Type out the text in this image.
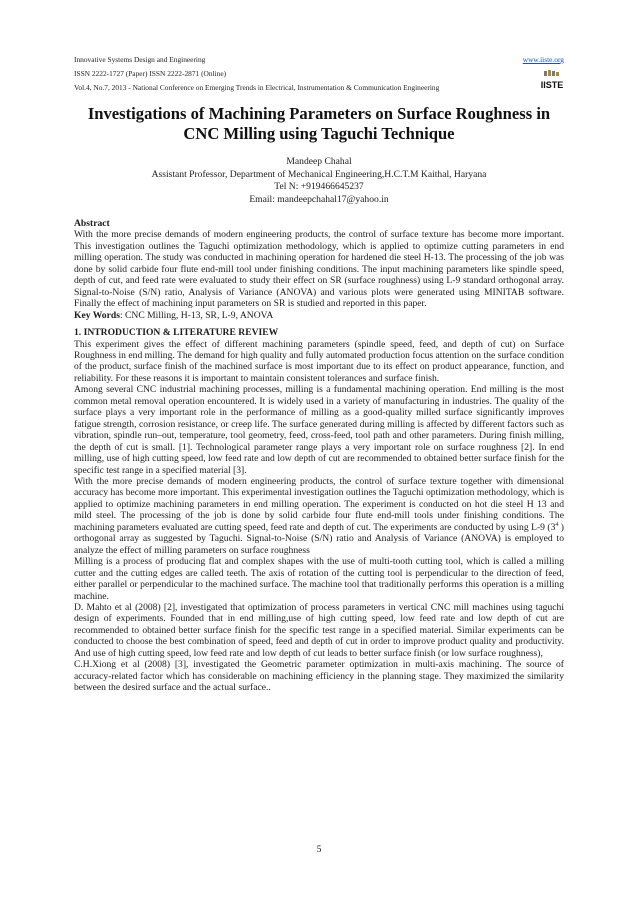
Innovative Systems Design and Engineering	www.iiste.org
ISSN 2222-1727 (Paper) ISSN 2222-2871 (Online)
Vol.4, No.7, 2013 - National Conference on Emerging Trends in Electrical, Instrumentation & Communication Engineering	IISTE
Investigations of Machining Parameters on Surface Roughness in
CNC Milling using Taguchi Technique
Mandeep Chahal
Assistant Professor, Department of Mechanical Engineering,H.C.T.M Kaithal, Haryana
Tel N: +919466645237
Email: mandeepchahal17@yahoo.in

Abstract

With the more precise demands of modern engineering products, the control of surface texture has become more important. This investigation outlines the Taguchi optimization methodology, which is applied to optimize cutting parameters in end milling operation. The study was conducted in machining operation for hardened die steel H-13. The processing of the job was done by solid carbide four flute end-mill tool under finishing conditions. The input machining parameters like spindle speed, depth of cut, and feed rate were evaluated to study their effect on SR (surface roughness) using L-9 standard orthogonal array. Signal-to-Noise (S/N) ratio, Analysis of Variance (ANOVA) and various plots were generated using MINITAB software. Finally the effect of machining input parameters on SR is studied and reported in this paper.

Key Words: CNC Milling, H-13, SR, L-9, ANOVA

1. INTRODUCTION & LITERATURE REVIEW

This experiment gives the effect of different machining parameters (spindle speed, feed, and depth of cut) on Surface Roughness in end milling. The demand for high quality and fully automated production focus attention on the surface condition of the product, surface finish of the machined surface is most important due to its effect on product appearance, function, and reliability. For these reasons it is important to maintain consistent tolerances and surface finish.

Among several CNC industrial machining processes, milling is a fundamental machining operation. End milling is the most common metal removal operation encountered. It is widely used in a variety of manufacturing in industries. The quality of the surface plays a very important role in the performance of milling as a good-quality milled surface significantly improves fatigue strength, corrosion resistance, or creep life. The surface generated during milling is affected by different factors such as vibration, spindle run–out, temperature, tool geometry, feed, cross-feed, tool path and other parameters. During finish milling, the depth of cut is small. [1]. Technological parameter range plays a very important role on surface roughness [2]. In end milling, use of high cutting speed, low feed rate and low depth of cut are recommended to obtained better surface finish for the specific test range in a specified material [3].

With the more precise demands of modern engineering products, the control of surface texture together with dimensional accuracy has become more important. This experimental investigation outlines the Taguchi optimization methodology, which is applied to optimize machining parameters in end milling operation. The experiment is conducted on hot die steel H 13 and mild steel. The processing of the job is done by solid carbide four flute end-mill tools under finishing conditions. The machining parameters evaluated are cutting speed, feed rate and depth of cut. The experiments are conducted by using L-9 ($3^4$ ) orthogonal array as suggested by Taguchi. Signal-to-Noise (S/N) ratio and Analysis of Variance (ANOVA) is employed to analyze the effect of milling parameters on surface roughness

Milling is a process of producing flat and complex shapes with the use of multi-tooth cutting tool, which is called a milling cutter and the cutting edges are called teeth. The axis of rotation of the cutting tool is perpendicular to the direction of feed, either parallel or perpendicular to the machined surface. The machine tool that traditionally performs this operation is a milling machine.

D. Mahto et al (2008) [2], investigated that optimization of process parameters in vertical CNC mill machines using taguchi design of experiments. Founded that in end milling,use of high cutting speed, low feed rate and low depth of cut are recommended to obtained better surface finish for the specific test range in a specified material. Similar experiments can be conducted to choose the best combination of speed, feed and depth of cut in order to improve product quality and productivity. And use of high cutting speed, low feed rate and low depth of cut leads to better surface finish (or low surface roughness),

C.H.Xiong et al (2008) [3], investigated the Geometric parameter optimization in multi-axis machining. The source of accuracy-related factor which has considerable on machining efficiency in the planning stage. They maximized the similarity between the desired surface and the actual surface..

5
